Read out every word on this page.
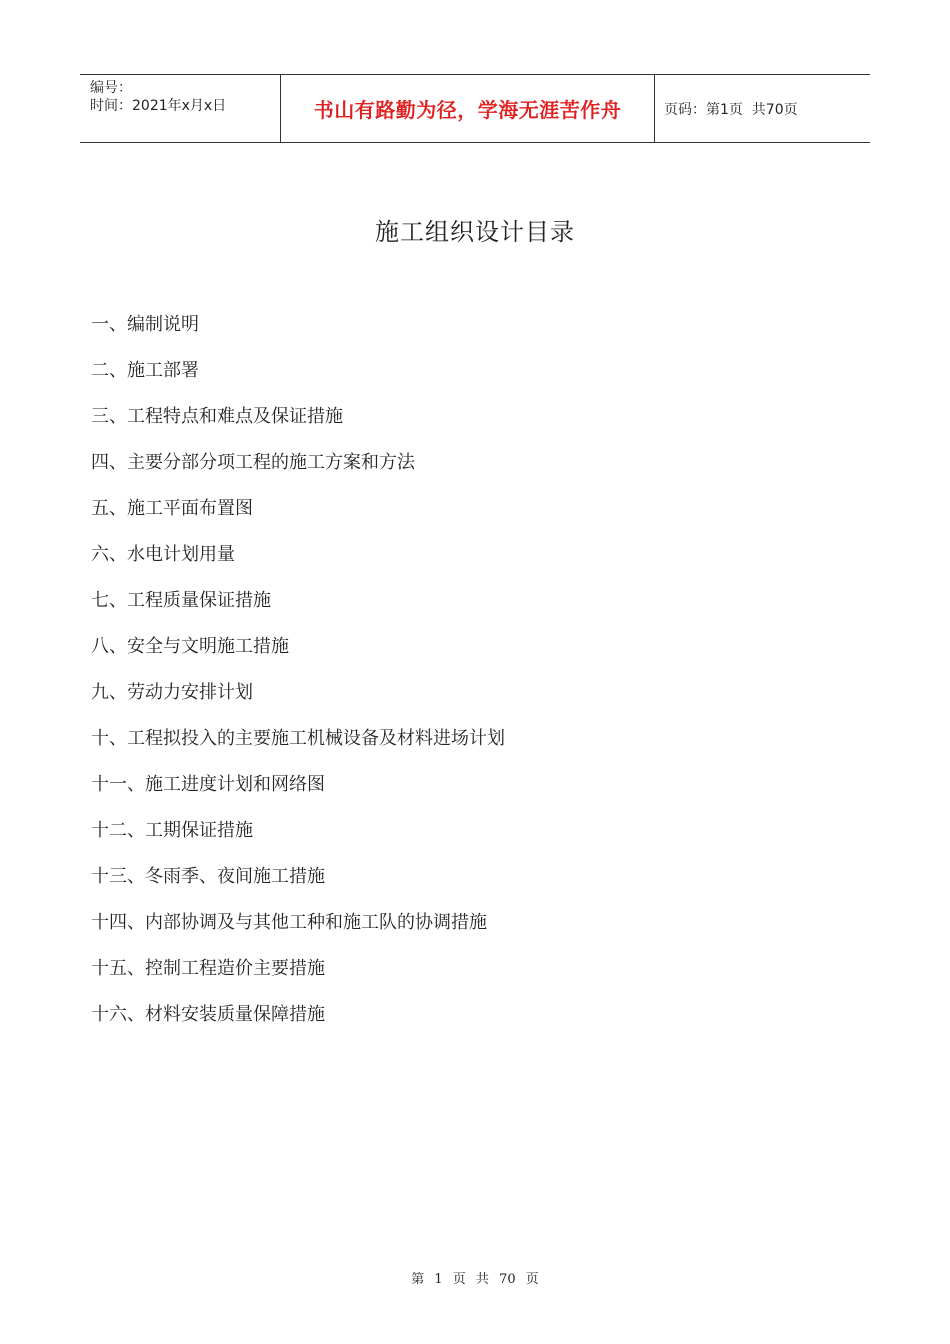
编号：
时间：2021年x月x日	书山有路勤为径，学海无涯苦作舟	页码：第1页  共70页
施工组织设计目录
一、编制说明
二、施工部署
三、工程特点和难点及保证措施
四、主要分部分项工程的施工方案和方法
五、施工平面布置图
六、水电计划用量
七、工程质量保证措施
八、安全与文明施工措施
九、劳动力安排计划
十、工程拟投入的主要施工机械设备及材料进场计划
十一、施工进度计划和网络图
十二、工期保证措施
十三、冬雨季、夜间施工措施
十四、内部协调及与其他工种和施工队的协调措施
十五、控制工程造价主要措施
十六、材料安装质量保障措施
第 1 页 共 70 页
